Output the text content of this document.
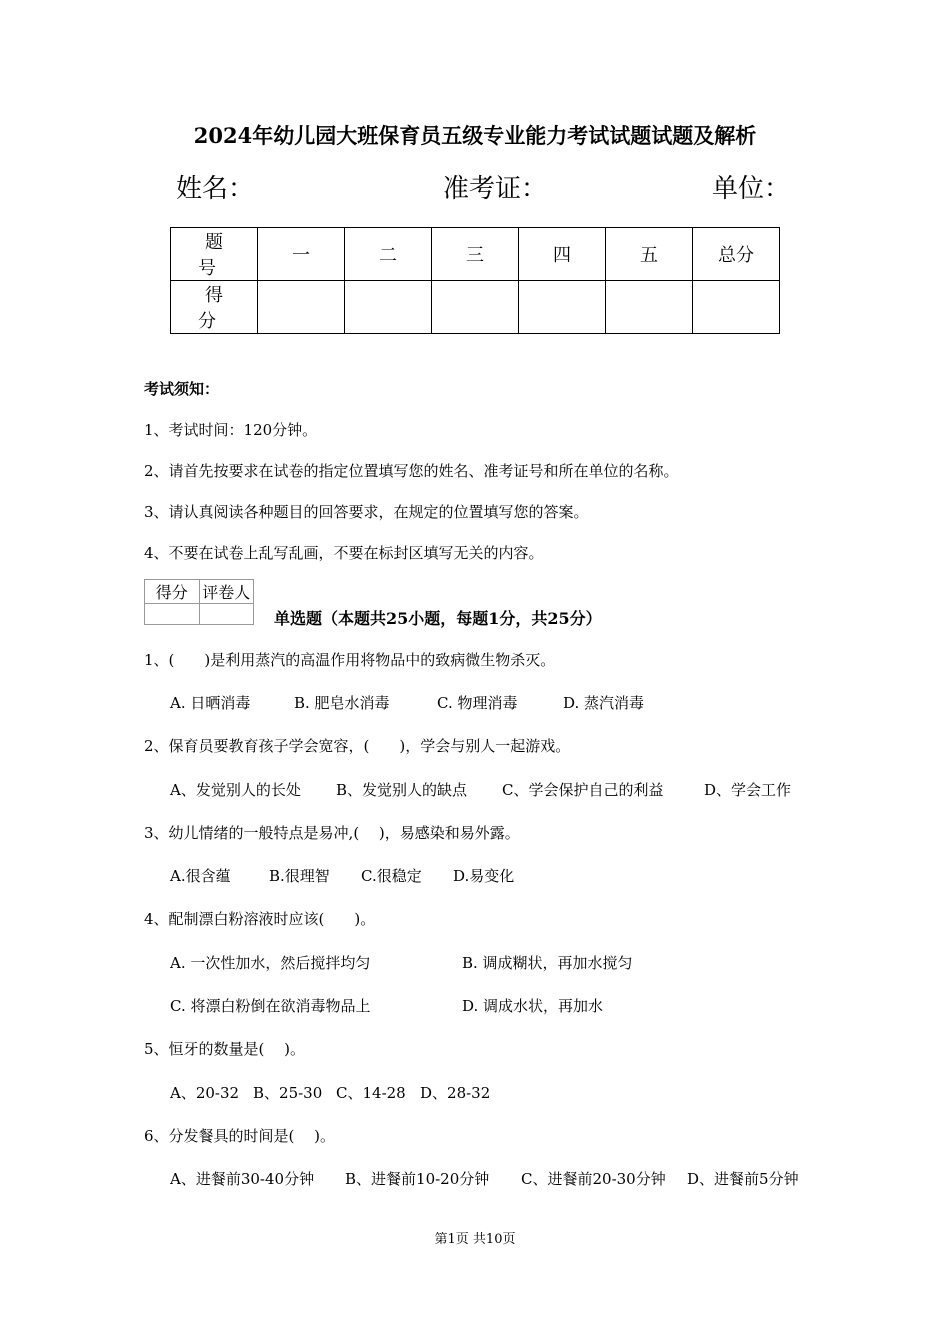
2024年幼儿园大班保育员五级专业能力考试试题试题及解析
姓名：	准考证：	单位：
题　号	一	二	三	四	五	总分
得　分						
考试须知：
1、考试时间：120分钟。
2、请首先按要求在试卷的指定位置填写您的姓名、准考证号和所在单位的名称。
3、请认真阅读各种题目的回答要求，在规定的位置填写您的答案。
4、不要在试卷上乱写乱画，不要在标封区填写无关的内容。
得分	评卷人

单选题（本题共25小题，每题1分，共25分）
1、(　　)是利用蒸汽的高温作用将物品中的致病微生物杀灭。
A. 日晒消毒	B. 肥皂水消毒	C. 物理消毒	D. 蒸汽消毒
2、保育员要教育孩子学会宽容，(　　)，学会与别人一起游戏。
A、发觉别人的长处 B、发觉别人的缺点 C、学会保护自己的利益	D、学会工作
3、幼儿情绪的一般特点是易冲,(　 )，易感染和易外露。
A.很含蕴	B.很理智 C.很稳定 D.易变化
4、配制漂白粉溶液时应该(　　)。
A. 一次性加水，然后搅拌均匀	B. 调成糊状，再加水搅匀
C. 将漂白粉倒在欲消毒物品上	D. 调成水状，再加水
5、恒牙的数量是(　 )。
A、20-32 B、25-30 C、14-28 D、28-32
6、分发餐具的时间是(　 )。
A、进餐前30-40分钟 B、进餐前10-20分钟 C、进餐前20-30分钟 D、进餐前5分钟
第1页 共10页
